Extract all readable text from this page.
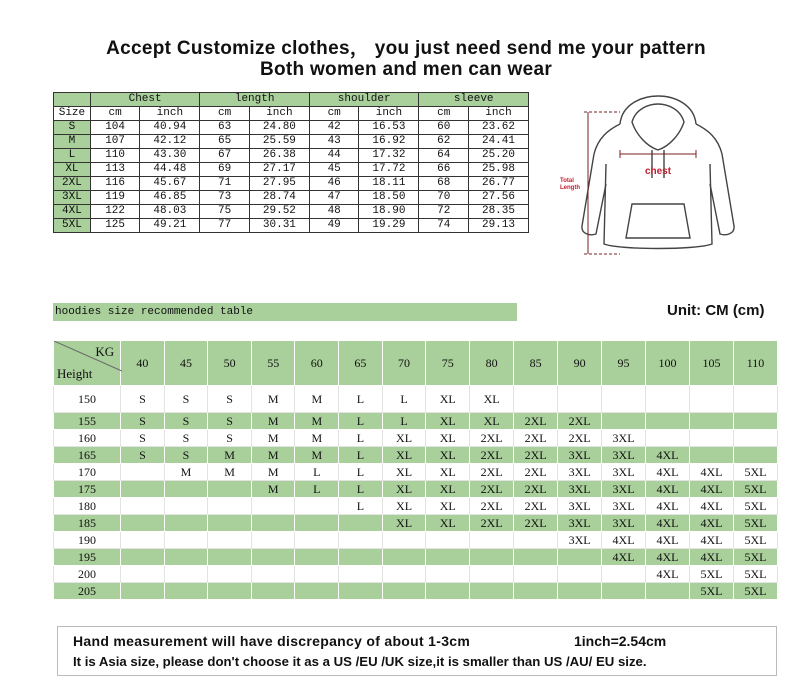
Accept Customize clothes， you just need send me your pattern
Both women and men can wear
	Chest		length		shoulder		sleeve	
Size	cm	inch	cm	inch	cm	inch	cm	inch
S	104	40.94	63	24.80	42	16.53	60	23.62
M	107	42.12	65	25.59	43	16.92	62	24.41
L	110	43.30	67	26.38	44	17.32	64	25.20
XL	113	44.48	69	27.17	45	17.72	66	25.98
2XL	116	45.67	71	27.95	46	18.11	68	26.77
3XL	119	46.85	73	28.74	47	18.50	70	27.56
4XL	122	48.03	75	29.52	48	18.90	72	28.35
5XL	125	49.21	77	30.31	49	19.29	74	29.13
chest
Total
Length
hoodies size recommended table	Unit: CM (cm)
KG
Height	40	45	50	55	60	65	70	75	80	85	90	95	100	105	110
150	S	S	S	M	M	L	L	XL	XL						
155	S	S	S	M	M	L	L	XL	XL	2XL	2XL				
160	S	S	S	M	M	L	XL	XL	2XL	2XL	2XL	3XL			
165	S	S	M	M	M	L	XL	XL	2XL	2XL	3XL	3XL	4XL		
170		M	M	M	L	L	XL	XL	2XL	2XL	3XL	3XL	4XL	4XL	5XL
175				M	L	L	XL	XL	2XL	2XL	3XL	3XL	4XL	4XL	5XL
180						L	XL	XL	2XL	2XL	3XL	3XL	4XL	4XL	5XL
185							XL	XL	2XL	2XL	3XL	3XL	4XL	4XL	5XL
190											3XL	4XL	4XL	4XL	5XL
195												4XL	4XL	4XL	5XL
200													4XL	5XL	5XL
205														5XL	5XL
Hand measurement will have discrepancy of about 1-3cm	1inch=2.54cm
It is Asia size, please don't choose it as a US /EU /UK size,it is smaller than US /AU/ EU size.
